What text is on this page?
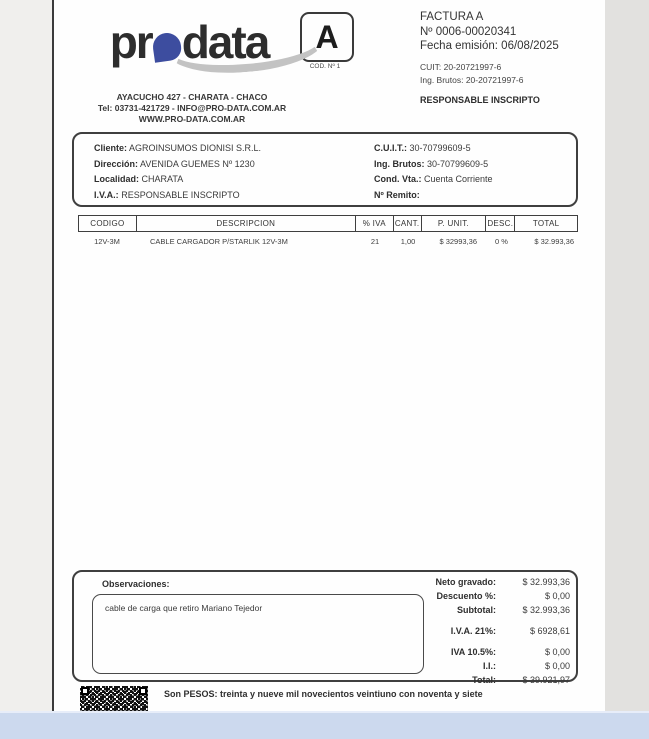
pr data
AYACUCHO 427 - CHARATA - CHACO
Tel: 03731-421729 - INFO@PRO-DATA.COM.AR
WWW.PRO-DATA.COM.AR
A
COD. Nº 1
FACTURA A
Nº 0006-00020341
Fecha emisión: 06/08/2025
CUIT: 20-20721997-6
Ing. Brutos: 20-20721997-6
RESPONSABLE INSCRIPTO
Cliente: AGROINSUMOS DIONISI S.R.L.
Dirección: AVENIDA GUEMES Nº 1230
Localidad: CHARATA
I.V.A.: RESPONSABLE INSCRIPTO
C.U.I.T.: 30-70799609-5
Ing. Brutos: 30-70799609-5
Cond. Vta.: Cuenta Corriente
Nº Remito:
CODIGO	DESCRIPCION	% IVA	CANT.	P. UNIT.	DESC.	TOTAL
12V-3M	CABLE CARGADOR P/STARLIK 12V-3M	21	1,00	$ 32993,36	0 %	$ 32.993,36
Observaciones:
cable de carga que retiro Mariano Tejedor
Neto gravado:	$ 32.993,36
Descuento %:	$ 0,00
Subtotal:	$ 32.993,36
I.V.A. 21%:	$ 6928,61
IVA 10.5%:	$ 0,00
I.I.:	$ 0,00
Total:	$ 39.921,97
Son PESOS: treinta y nueve mil novecientos veintiuno con noventa y siete
